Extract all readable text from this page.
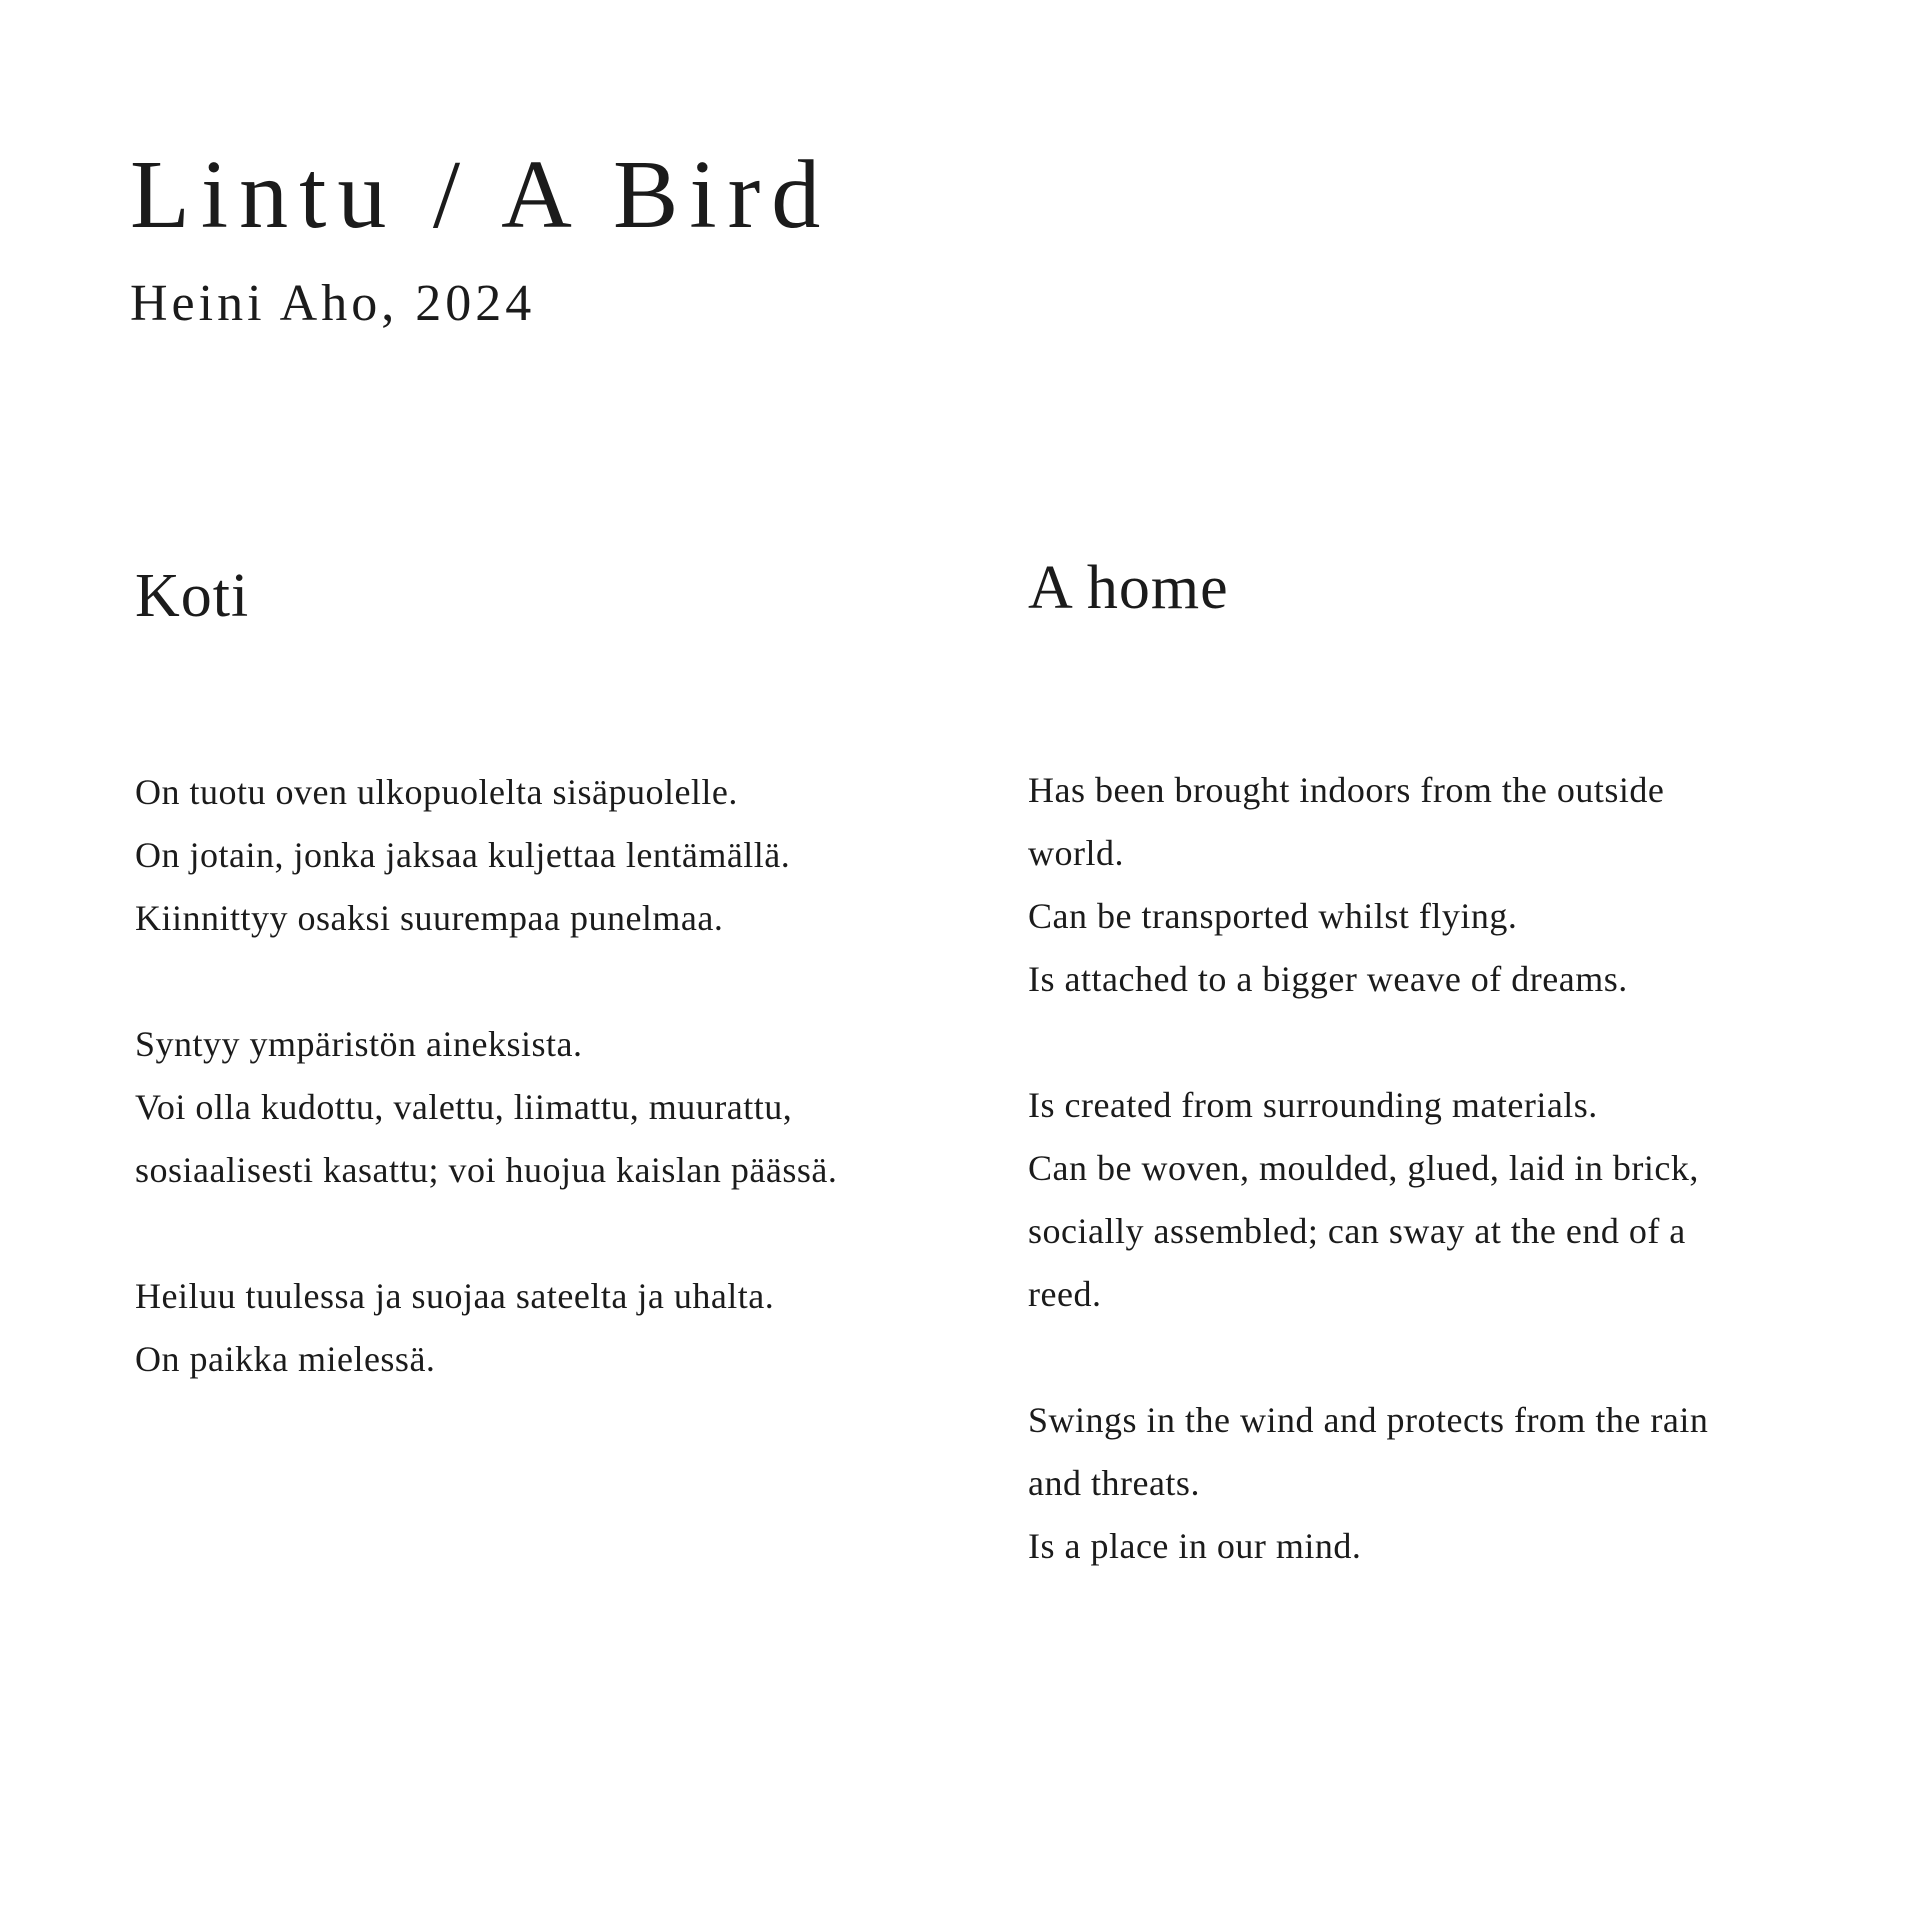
Lintu / A Bird

Heini Aho, 2024

Koti

On tuotu oven ulkopuolelta sisäpuolelle.

On jotain, jonka jaksaa kuljettaa lentämällä.

Kiinnittyy osaksi suurempaa punelmaa.

Syntyy ympäristön aineksista.

Voi olla kudottu, valettu, liimattu, muurattu,

sosiaalisesti kasattu; voi huojua kaislan päässä.

Heiluu tuulessa ja suojaa sateelta ja uhalta.

On paikka mielessä.

A home

Has been brought indoors from the outside

world.

Can be transported whilst flying.

Is attached to a bigger weave of dreams.

Is created from surrounding materials.

Can be woven, moulded, glued, laid in brick,

socially assembled; can sway at the end of a

reed.

Swings in the wind and protects from the rain

and threats.

Is a place in our mind.
